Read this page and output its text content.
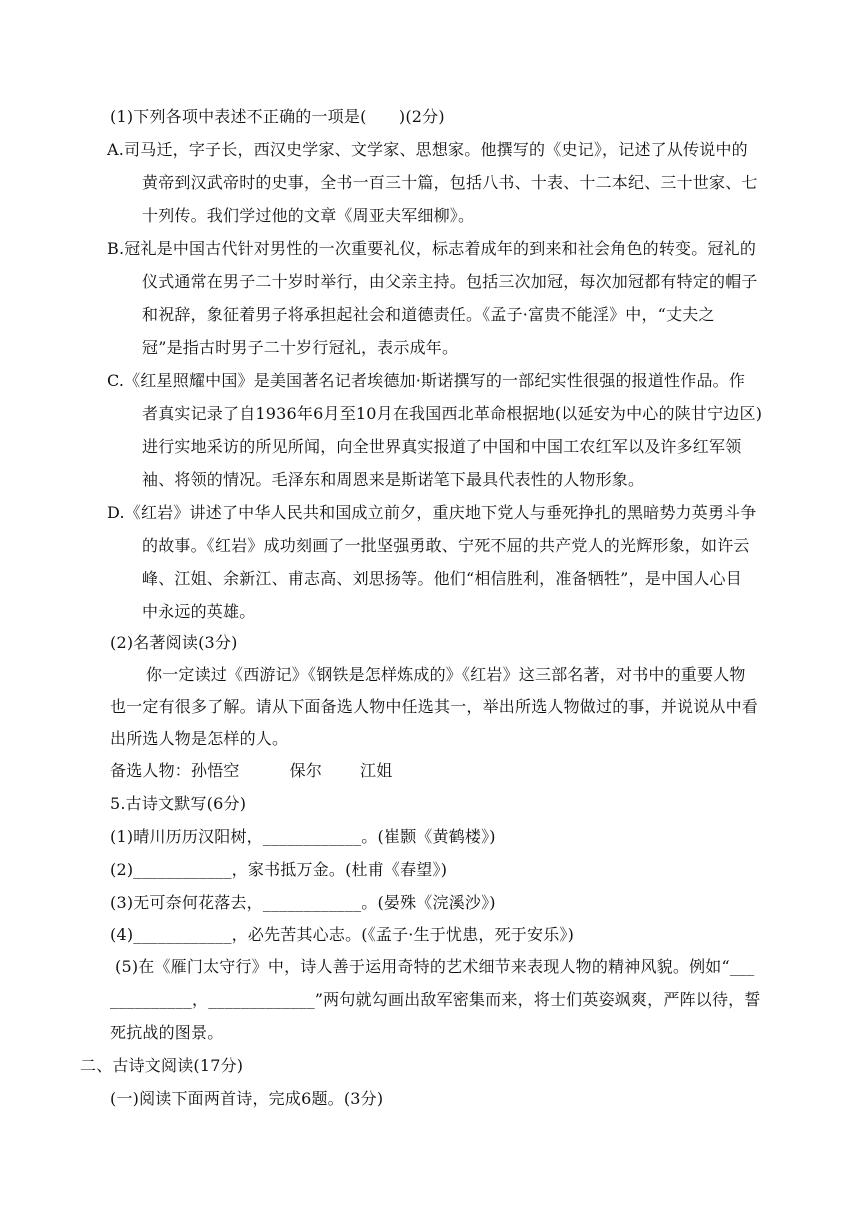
(1)下列各项中表述不正确的一项是(　　)(2分)
A.司马迁，字子长，西汉史学家、文学家、思想家。他撰写的《史记》，记述了从传说中的
黄帝到汉武帝时的史事，全书一百三十篇，包括八书、十表、十二本纪、三十世家、七
十列传。我们学过他的文章《周亚夫军细柳》。
B.冠礼是中国古代针对男性的一次重要礼仪，标志着成年的到来和社会角色的转变。冠礼的
仪式通常在男子二十岁时举行，由父亲主持。包括三次加冠，每次加冠都有特定的帽子
和祝辞，象征着男子将承担起社会和道德责任。《孟子·富贵不能淫》中，“丈夫之
冠”是指古时男子二十岁行冠礼，表示成年。
C.《红星照耀中国》是美国著名记者埃德加·斯诺撰写的一部纪实性很强的报道性作品。作
者真实记录了自1936年6月至10月在我国西北革命根据地(以延安为中心的陕甘宁边区)
进行实地采访的所见所闻，向全世界真实报道了中国和中国工农红军以及许多红军领
袖、将领的情况。毛泽东和周恩来是斯诺笔下最具代表性的人物形象。
D.《红岩》讲述了中华人民共和国成立前夕，重庆地下党人与垂死挣扎的黑暗势力英勇斗争
的故事。《红岩》成功刻画了一批坚强勇敢、宁死不屈的共产党人的光辉形象，如许云
峰、江姐、余新江、甫志高、刘思扬等。他们“相信胜利，准备牺牲”，是中国人心目
中永远的英雄。
(2)名著阅读(3分)
你一定读过《西游记》《钢铁是怎样炼成的》《红岩》这三部名著，对书中的重要人物
也一定有很多了解。请从下面备选人物中任选其一，举出所选人物做过的事，并说说从中看
出所选人物是怎样的人。
备选人物：孙悟空	保尔 江姐
5.古诗文默写(6分)
(1)晴川历历汉阳树，____________。(崔颢《黄鹤楼》)
(2)____________，家书抵万金。(杜甫《春望》)
(3)无可奈何花落去，____________。(晏殊《浣溪沙》)
(4)____________，必先苦其心志。(《孟子·生于忧患，死于安乐》)
(5)在《雁门太守行》中，诗人善于运用奇特的艺术细节来表现人物的精神风貌。例如“___
__________，_____________”两句就勾画出敌军密集而来，将士们英姿飒爽，严阵以待，誓
死抗战的图景。
二、古诗文阅读(17分)
(一)阅读下面两首诗，完成6题。(3分)
